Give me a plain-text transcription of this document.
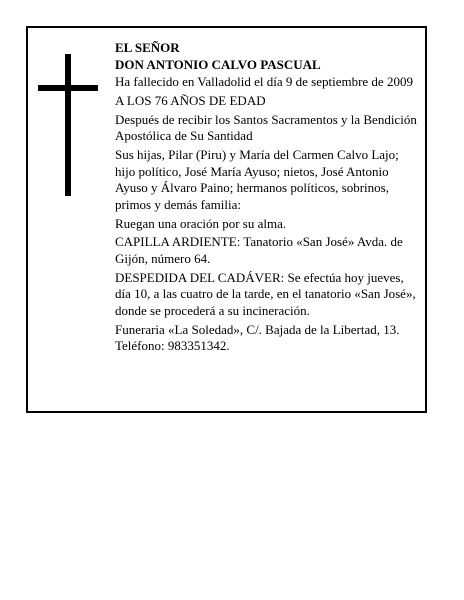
EL SEÑOR

DON ANTONIO CALVO PASCUAL

Ha fallecido en Valladolid el día 9 de septiembre de 2009

A LOS 76 AÑOS DE EDAD

Después de recibir los Santos Sacramentos y la Bendición Apostólica de Su Santidad

Sus hijas, Pilar (Piru) y María del Carmen Calvo Lajo; hijo político, José María Ayuso; nietos, José Antonio Ayuso y Álvaro Paino; hermanos políticos, sobrinos, primos y demás familia:

Ruegan una oración por su alma.

CAPILLA ARDIENTE: Tanatorio «San José» Avda. de Gijón, número 64.

DESPEDIDA DEL CADÁVER: Se efectúa hoy jueves, día 10, a las cuatro de la tarde, en el tanatorio «San José», donde se procederá a su incineración.

Funeraria «La Soledad», C/. Bajada de la Libertad, 13. Teléfono: 983351342.
